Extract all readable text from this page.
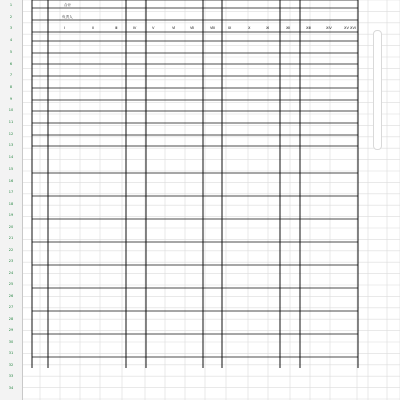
1
2
3
4
5
6
7
8
9
10
11
12
13
14
15
16
17
18
19
20
21
22
23
24
25
26
27
28
29
30
31
32
33
34
合计
负责人
Ⅰ	Ⅱ	Ⅲ	Ⅳ	Ⅴ	Ⅵ	Ⅶ	Ⅷ	Ⅸ	Ⅹ	Ⅺ	Ⅻ	ⅩⅢ	ⅩⅣ	ⅩⅤ ⅩⅥ
